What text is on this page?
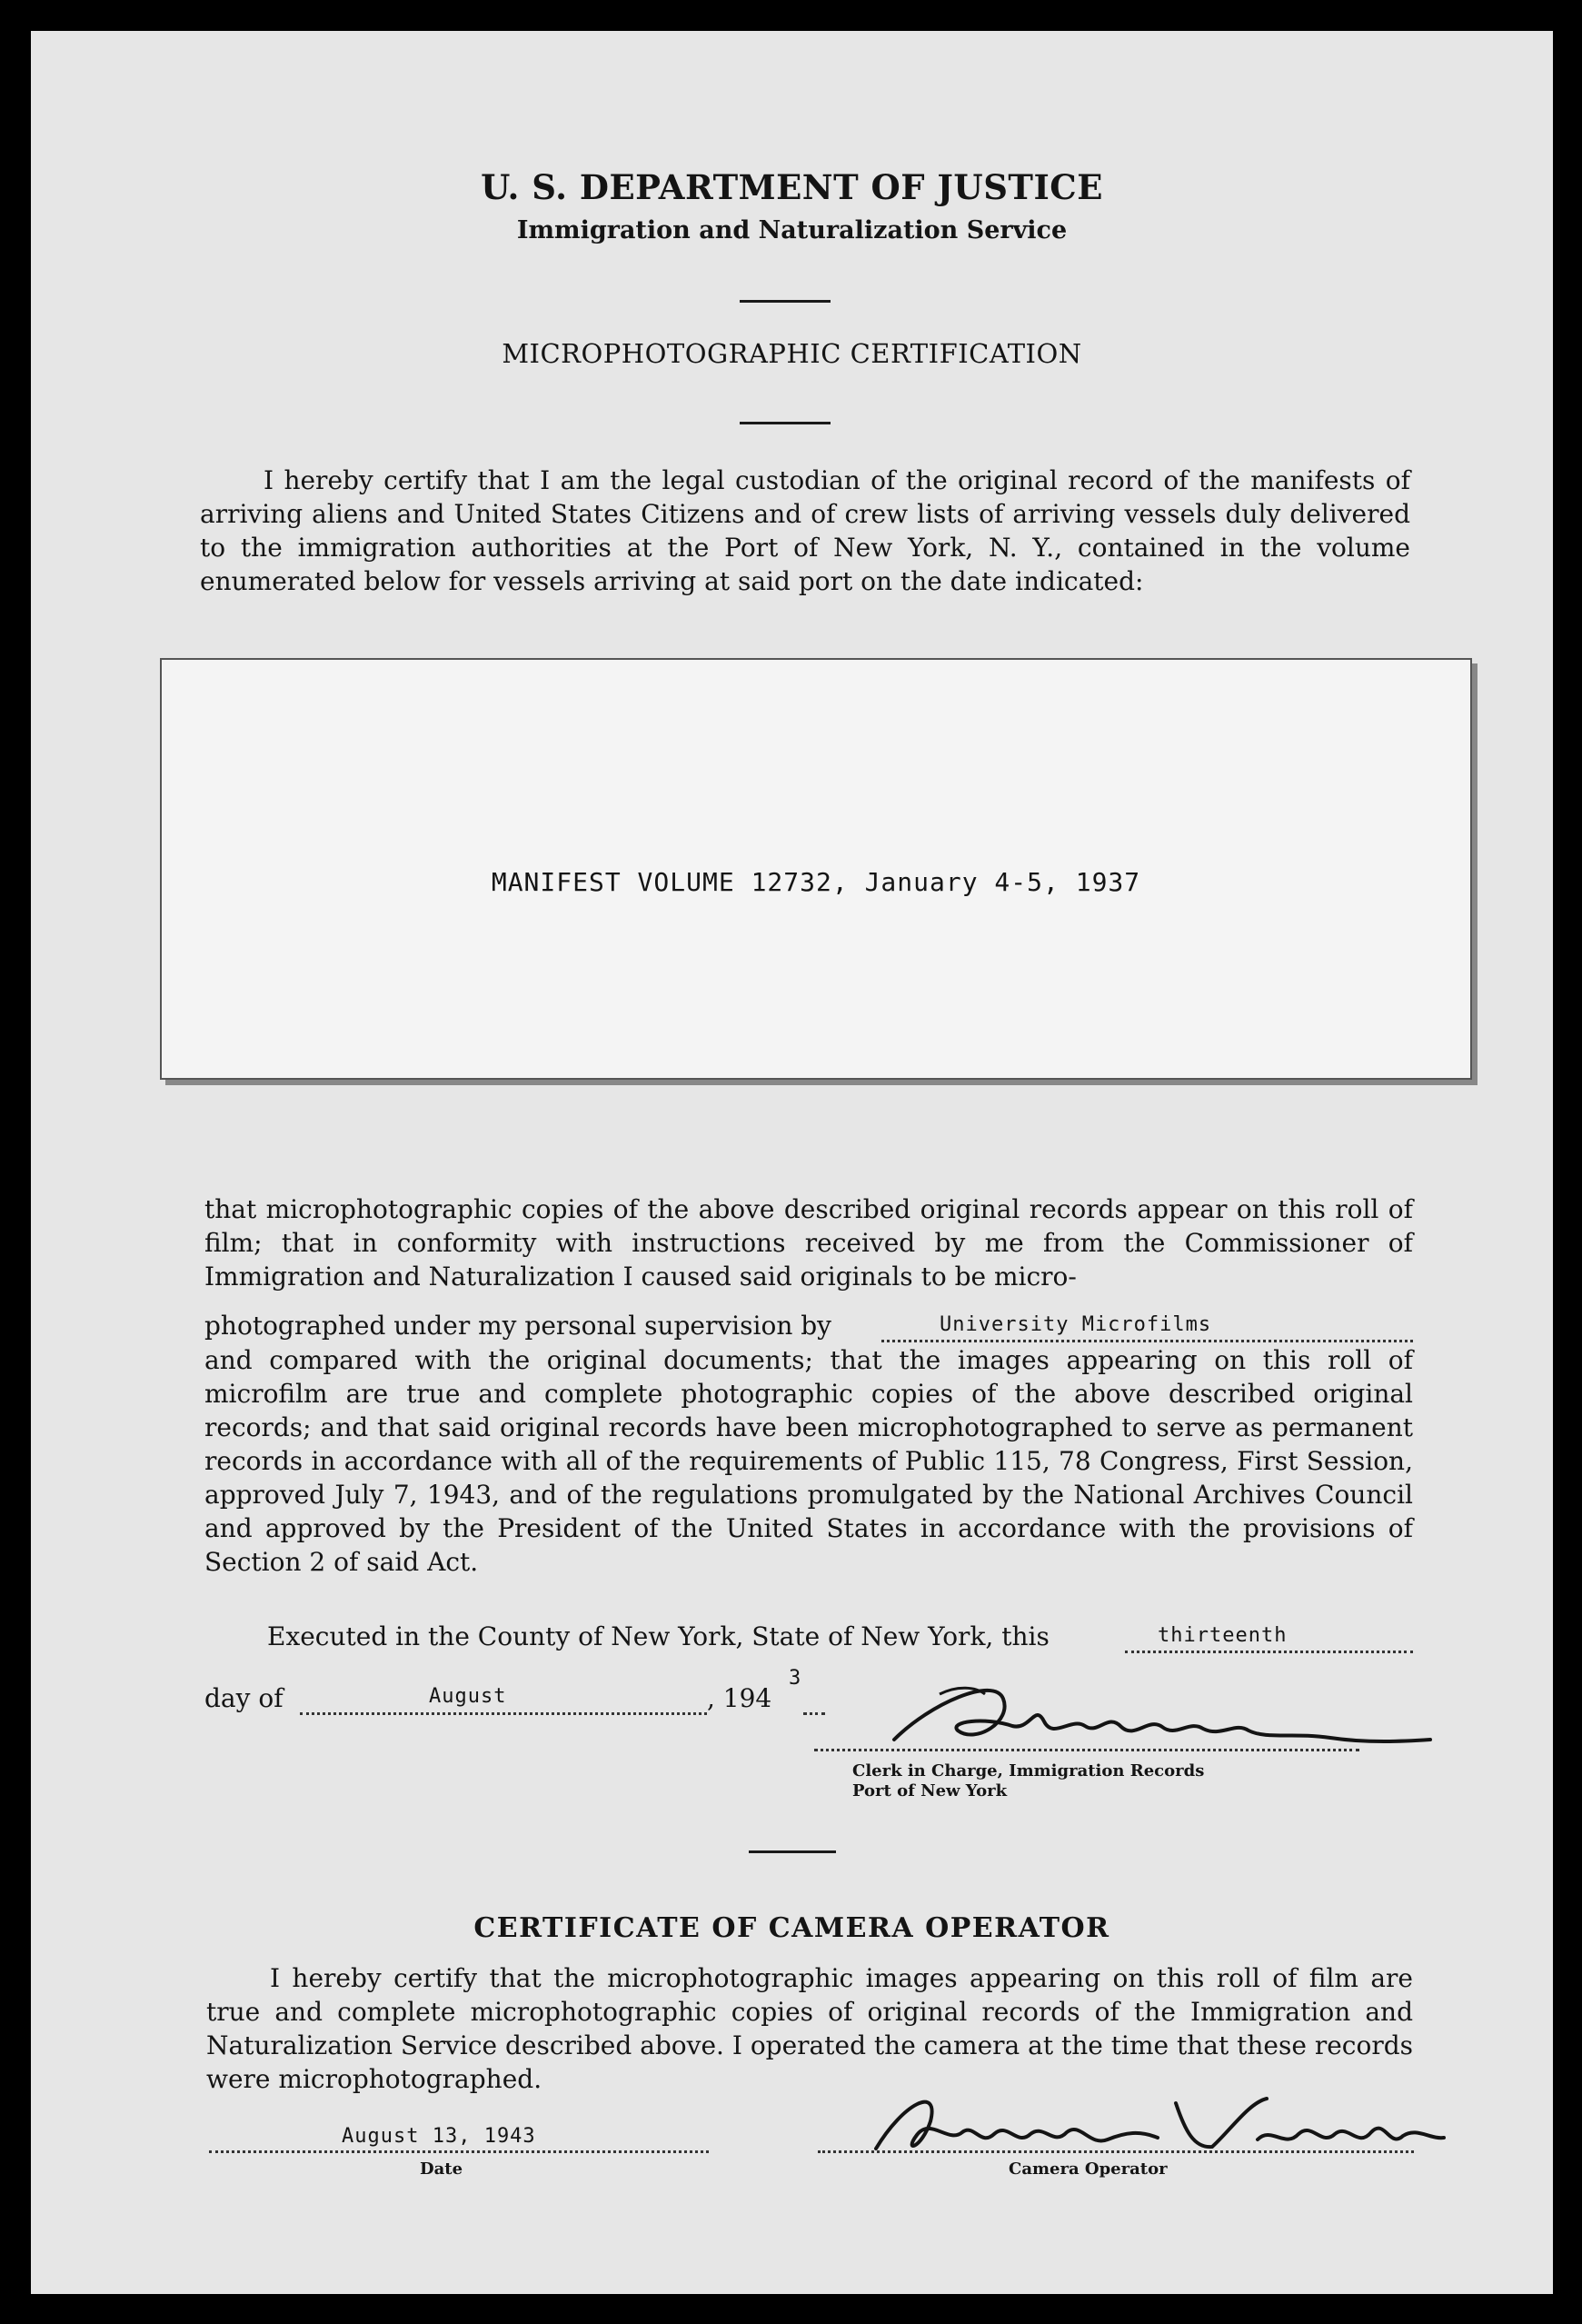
U. S. DEPARTMENT OF JUSTICE
Immigration and Naturalization Service
MICROPHOTOGRAPHIC CERTIFICATION
I hereby certify that I am the legal custodian of the original record of the manifests of arriving aliens and United States Citizens and of crew lists of arriving vessels duly delivered to the immigration authorities at the Port of New York, N. Y., contained in the volume enumerated below for vessels arriving at said port on the date indicated:
MANIFEST VOLUME 12732, January 4-5, 1937
that microphotographic copies of the above described original records appear on this roll of film; that in conformity with instructions received by me from the Commissioner of Immigration and Naturalization I caused said originals to be micro-
photographed under my personal supervision by	University Microfilms
and compared with the original documents; that the images appearing on this roll of microfilm are true and complete photographic copies of the above described original records; and that said original records have been microphotographed to serve as permanent records in accordance with all of the requirements of Public 115, 78 Congress, First Session, approved July 7, 1943, and of the regulations promulgated by the National Archives Council and approved by the President of the United States in accordance with the provisions of Section 2 of said Act.
Executed in the County of New York, State of New York, this	thirteenth
day of	August	, 194
3
Clerk in Charge, Immigration Records
Port of New York
CERTIFICATE OF CAMERA OPERATOR
I hereby certify that the microphotographic images appearing on this roll of film are true and complete microphotographic copies of original records of the Immigration and Naturalization Service described above. I operated the camera at the time that these records were microphotographed.
August 13, 1943
Date	Camera Operator
